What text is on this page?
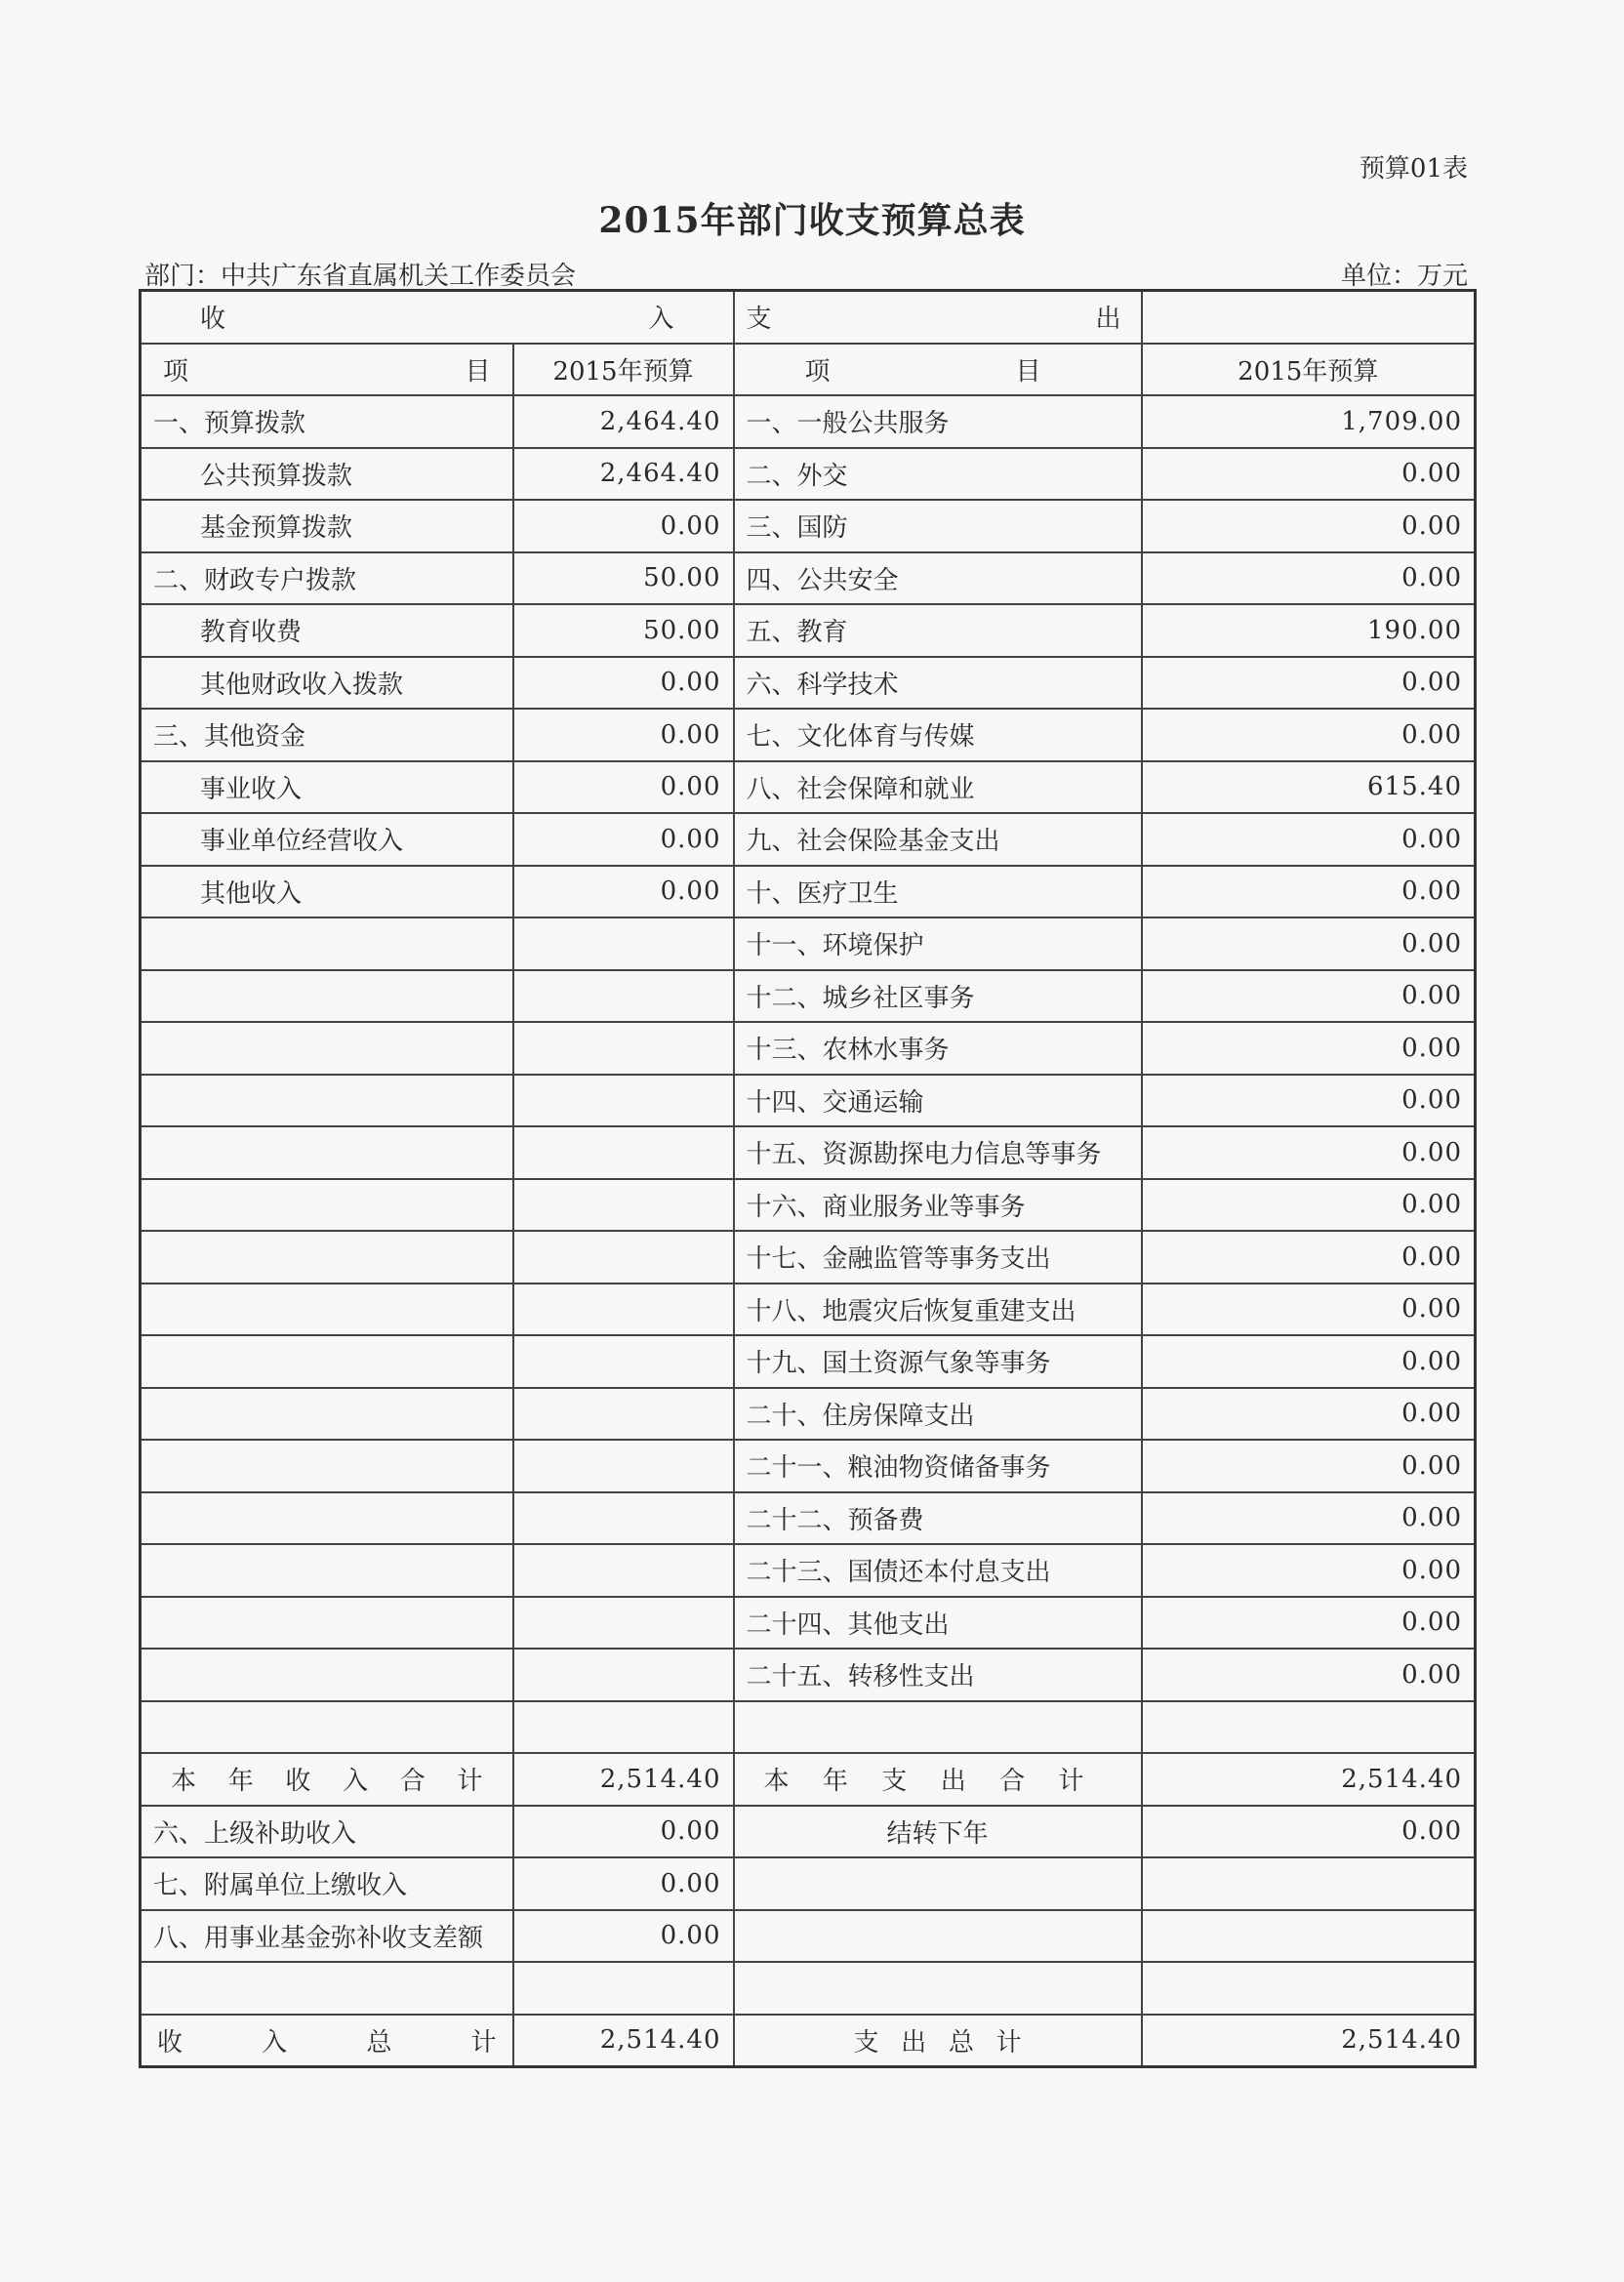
预算01表
2015年部门收支预算总表
部门：中共广东省直属机关工作委员会	单位：万元
收 入		支 出	

项 目	2015年预算	项 目	2015年预算
一、预算拨款	2,464.40	一、一般公共服务	1,709.00
公共预算拨款	2,464.40	二、外交	0.00
基金预算拨款	0.00	三、国防	0.00
二、财政专户拨款	50.00	四、公共安全	0.00
教育收费	50.00	五、教育	190.00
其他财政收入拨款	0.00	六、科学技术	0.00
三、其他资金	0.00	七、文化体育与传媒	0.00
事业收入	0.00	八、社会保障和就业	615.40
事业单位经营收入	0.00	九、社会保险基金支出	0.00
其他收入	0.00	十、医疗卫生	0.00
		十一、环境保护	0.00
		十二、城乡社区事务	0.00
		十三、农林水事务	0.00
		十四、交通运输	0.00
		十五、资源勘探电力信息等事务	0.00
		十六、商业服务业等事务	0.00
		十七、金融监管等事务支出	0.00
		十八、地震灾后恢复重建支出	0.00
		十九、国土资源气象等事务	0.00
		二十、住房保障支出	0.00
		二十一、粮油物资储备事务	0.00
		二十二、预备费	0.00
		二十三、国债还本付息支出	0.00
		二十四、其他支出	0.00
		二十五、转移性支出	0.00

本年收入合计	2,514.40	本年支出合计	2,514.40
六、上级补助收入	0.00	结转下年	0.00
七、附属单位上缴收入	0.00		
八、用事业基金弥补收支差额	0.00		

收入总计	2,514.40	支出总计	2,514.40
